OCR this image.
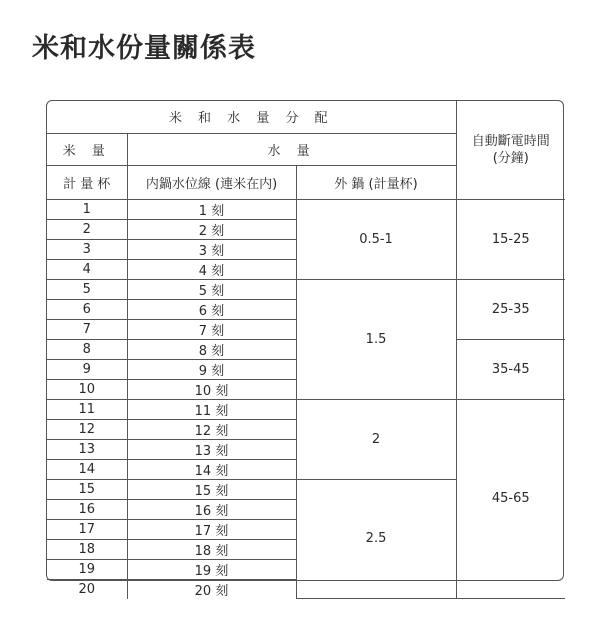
米和水份量關係表
米 和 水 量 分 配			自動斷電時間
(分鐘)
米 量	水 量		
計 量 杯	内鍋水位線 (連米在内)	外 鍋 (計量杯)	
1	1 刻	0.5-1	15-25
2	2 刻		
3	3 刻		
4	4 刻		
5	5 刻	1.5	25-35
6	6 刻		
7	7 刻		
8	8 刻		35-45
9	9 刻		
10	10 刻		
11	11 刻	2	45-65
12	12 刻		
13	13 刻		
14	14 刻		
15	15 刻	2.5	
16	16 刻		
17	17 刻		
18	18 刻		
19	19 刻		
20	20 刻		
